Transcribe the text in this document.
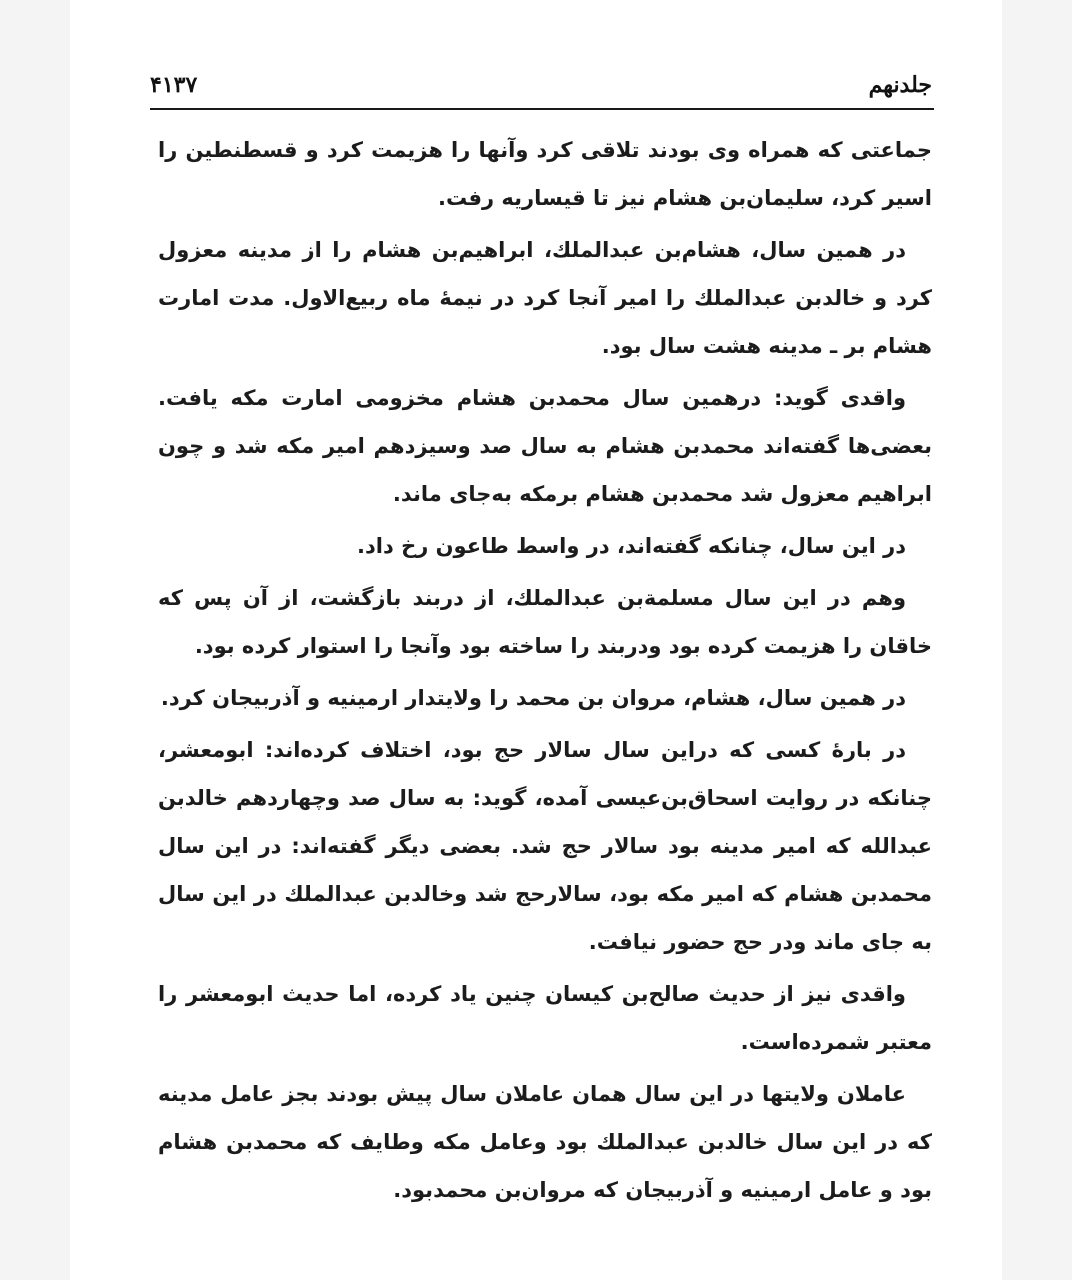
جلدنهم
۴۱۳۷

جماعتی که همراه وی بودند تلاقی کرد وآنها را هزیمت کرد و قسطنطین را اسیر کرد، سلیمان‌بن هشام نیز تا قیساریه رفت.

در همین سال، هشام‌بن عبدالملك، ابراهیم‌بن هشام را از مدینه معزول کرد و خالدبن عبدالملك را امیر آنجا کرد در نیمهٔ ماه ربیع‌الاول. مدت امارت هشام بر ـ مدینه هشت سال بود.

واقدی گوید: درهمین سال محمدبن هشام مخزومی امارت مکه یافت. بعضی‌ها گفته‌اند محمدبن هشام به سال صد وسیزدهم امیر مکه شد و چون ابراهیم معزول شد محمدبن هشام برمکه به‌جای ماند.

در این سال، چنانکه گفته‌اند، در واسط طاعون رخ داد.

وهم در این سال مسلمة‌بن عبدالملك، از دربند بازگشت، از آن پس که خاقان را هزیمت کرده بود ودربند را ساخته بود وآنجا را استوار کرده بود.

در همین سال، هشام، مروان بن محمد را ولایتدار ارمینیه و آذربیجان کرد.

در بارهٔ کسی که دراین سال سالار حج بود، اختلاف کرده‌اند: ابومعشر، چنانکه در روایت اسحاق‌بن‌عیسی آمده، گوید: به سال صد وچهاردهم خالدبن عبدالله که امیر مدینه بود سالار حج شد. بعضی دیگر گفته‌اند: در این سال محمدبن هشام که امیر مکه بود، سالارحج شد وخالدبن عبدالملك در این سال به جای ماند ودر حج حضور نیافت.

واقدی نیز از حدیث صالح‌بن کیسان چنین یاد کرده، اما حدیث ابومعشر را معتبر شمرده‌است.

عاملان ولایتها در این سال همان عاملان سال پیش بودند بجز عامل مدینه که در این سال خالدبن عبدالملك بود وعامل مکه وطایف که محمدبن هشام بود و عامل ارمینیه و آذربیجان که مروان‌بن محمدبود.
